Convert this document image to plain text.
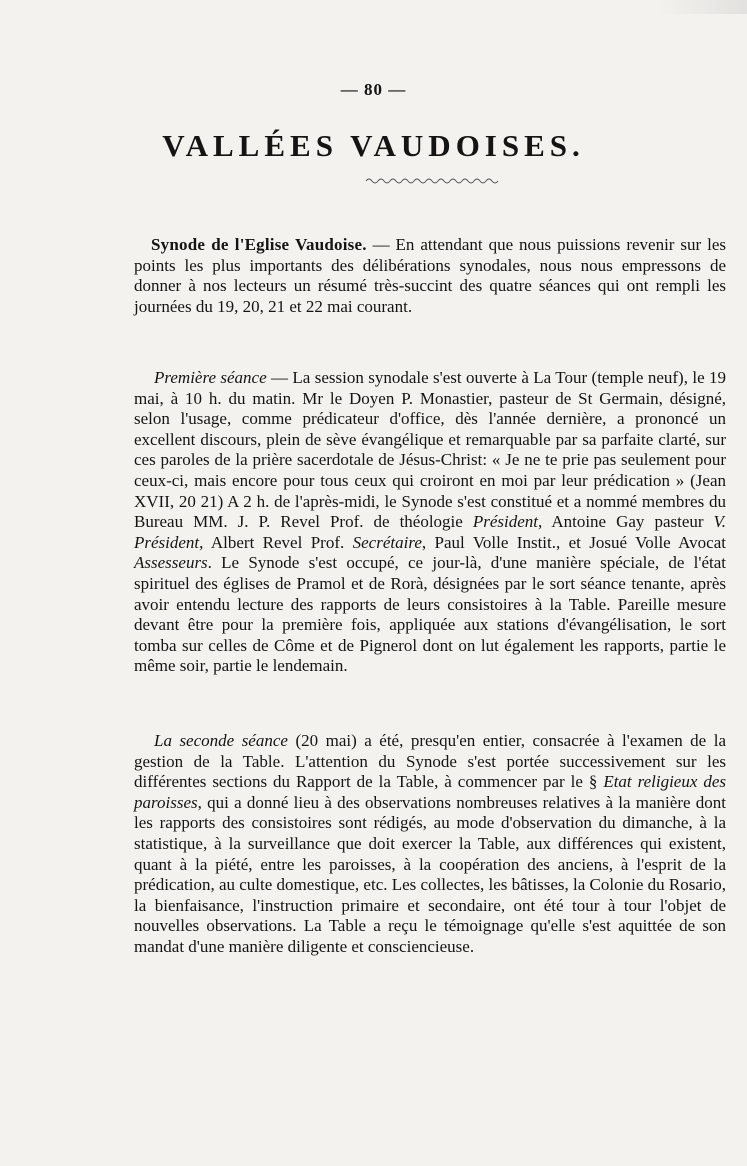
— 80 —
VALLÉES VAUDOISES.

Synode de l'Eglise Vaudoise. — En attendant que nous puissions revenir sur les points les plus importants des délibérations synodales, nous nous empressons de donner à nos lecteurs un résumé très-succint des quatre séances qui ont rempli les journées du 19, 20, 21 et 22 mai courant.

Première séance — La session synodale s'est ouverte à La Tour (temple neuf), le 19 mai, à 10 h. du matin. Mr le Doyen P. Monastier, pasteur de St Germain, désigné, selon l'usage, comme prédicateur d'office, dès l'année dernière, a prononcé un excellent discours, plein de sève évangélique et remarquable par sa parfaite clarté, sur ces paroles de la prière sacerdotale de Jésus-Christ: « Je ne te prie pas seulement pour ceux-ci, mais encore pour tous ceux qui croiront en moi par leur prédication » (Jean XVII, 20 21) A 2 h. de l'après-midi, le Synode s'est constitué et a nommé membres du Bureau MM. J. P. Revel Prof. de théologie Président, Antoine Gay pasteur V. Président, Albert Revel Prof. Secrétaire, Paul Volle Instit., et Josué Volle Avocat Assesseurs. Le Synode s'est occupé, ce jour-là, d'une manière spéciale, de l'état spirituel des églises de Pramol et de Rorà, désignées par le sort séance tenante, après avoir entendu lecture des rapports de leurs consistoires à la Table. Pareille mesure devant être pour la première fois, appliquée aux stations d'évangélisation, le sort tomba sur celles de Côme et de Pignerol dont on lut également les rapports, partie le même soir, partie le lendemain.

La seconde séance (20 mai) a été, presqu'en entier, consacrée à l'examen de la gestion de la Table. L'attention du Synode s'est portée successivement sur les différentes sections du Rapport de la Table, à commencer par le § Etat religieux des paroisses, qui a donné lieu à des observations nombreuses relatives à la manière dont les rapports des consistoires sont rédigés, au mode d'observation du dimanche, à la statistique, à la surveillance que doit exercer la Table, aux différences qui existent, quant à la piété, entre les paroisses, à la coopération des anciens, à l'esprit de la prédication, au culte domestique, etc. Les collectes, les bâtisses, la Colonie du Rosario, la bienfaisance, l'instruction primaire et secondaire, ont été tour à tour l'objet de nouvelles observations. La Table a reçu le témoignage qu'elle s'est aquittée de son mandat d'une manière diligente et consciencieuse.
